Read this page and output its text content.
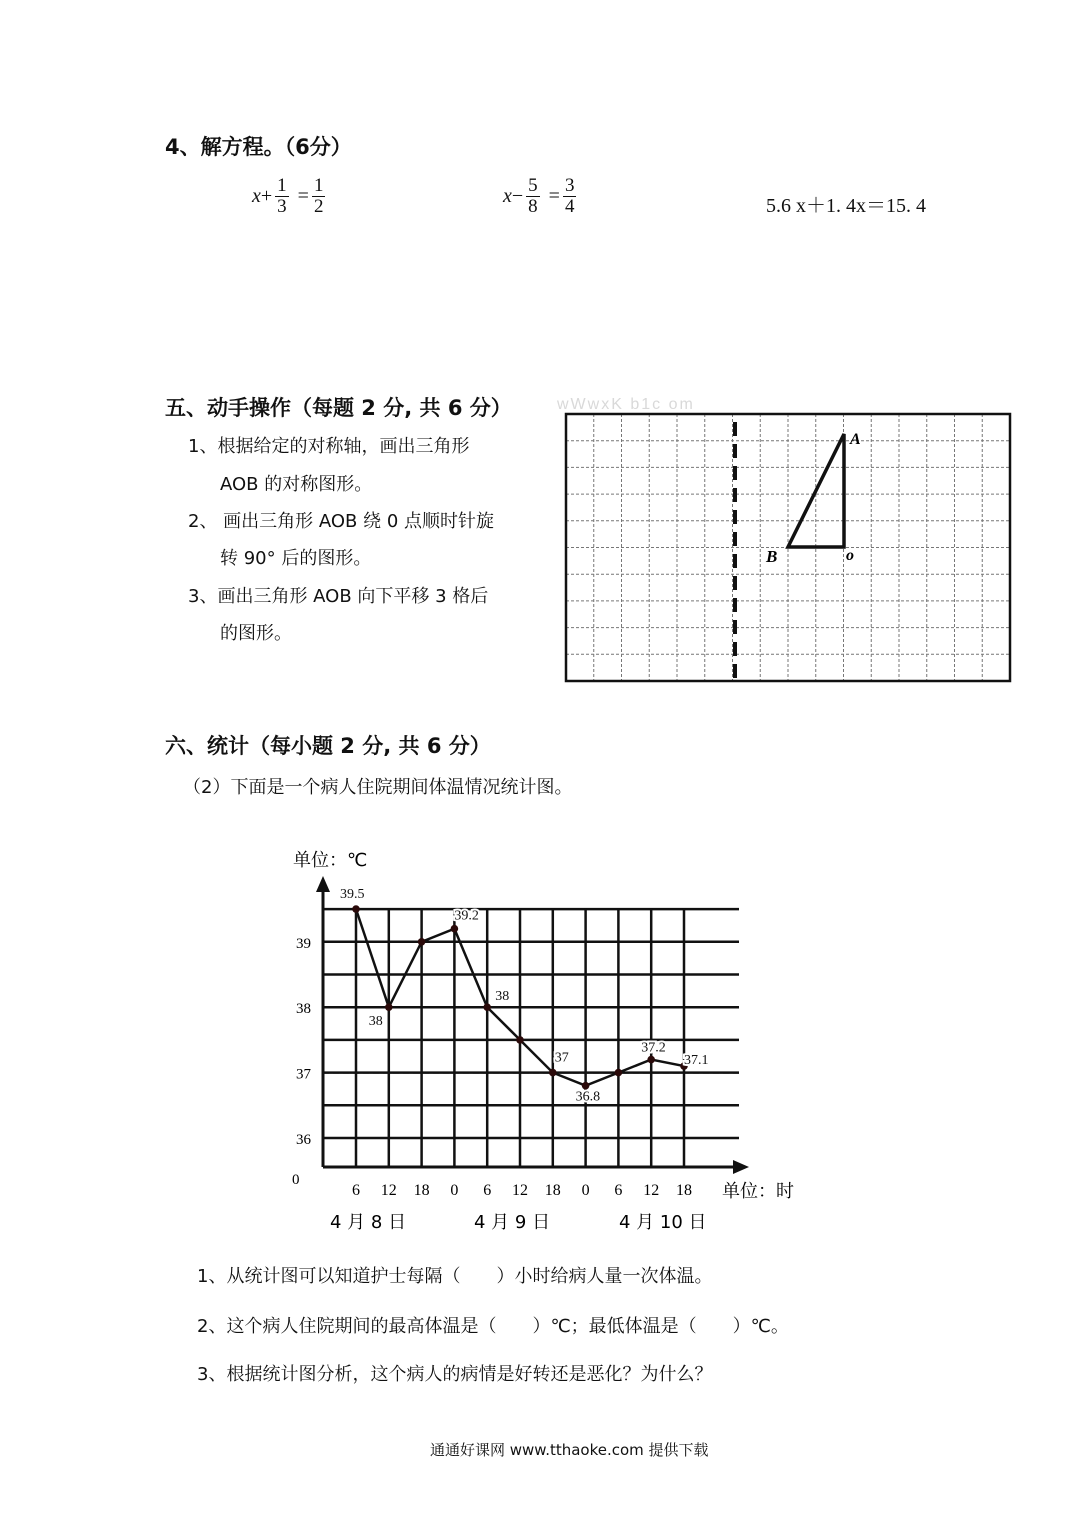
4、解方程。（6分）
$x + \frac{1}{3} = \frac{1}{2}$	$x - \frac{5}{8} = \frac{3}{4}$	5.6 x＋1. 4x＝15. 4
五、动手操作（每题 2 分, 共 6 分）	wWwxK b1c om
1、根据给定的对称轴，画出三角形
AOB 的对称图形。
2、 画出三角形 AOB 绕 0 点顺时针旋
转 90° 后的图形。
3、画出三角形 AOB 向下平移 3 格后
的图形。
A
B	o
六、统计（每小题 2 分, 共 6 分）
（2）下面是一个病人住院期间体温情况统计图。
36
37
38
39
6 12 18 0 6 12 18 0 6 12 18
4 月 8 日	4 月 9 日	4 月 10 日
39.5
38
39.2
38
37
36.8
37.2
37.1
单位：℃
单位：时
0
1、从统计图可以知道护士每隔（　　）小时给病人量一次体温。
2、这个病人住院期间的最高体温是（　　）℃；最低体温是（　　）℃。
3、根据统计图分析，这个病人的病情是好转还是恶化？为什么？
通通好课网 www.tthaoke.com 提供下载
